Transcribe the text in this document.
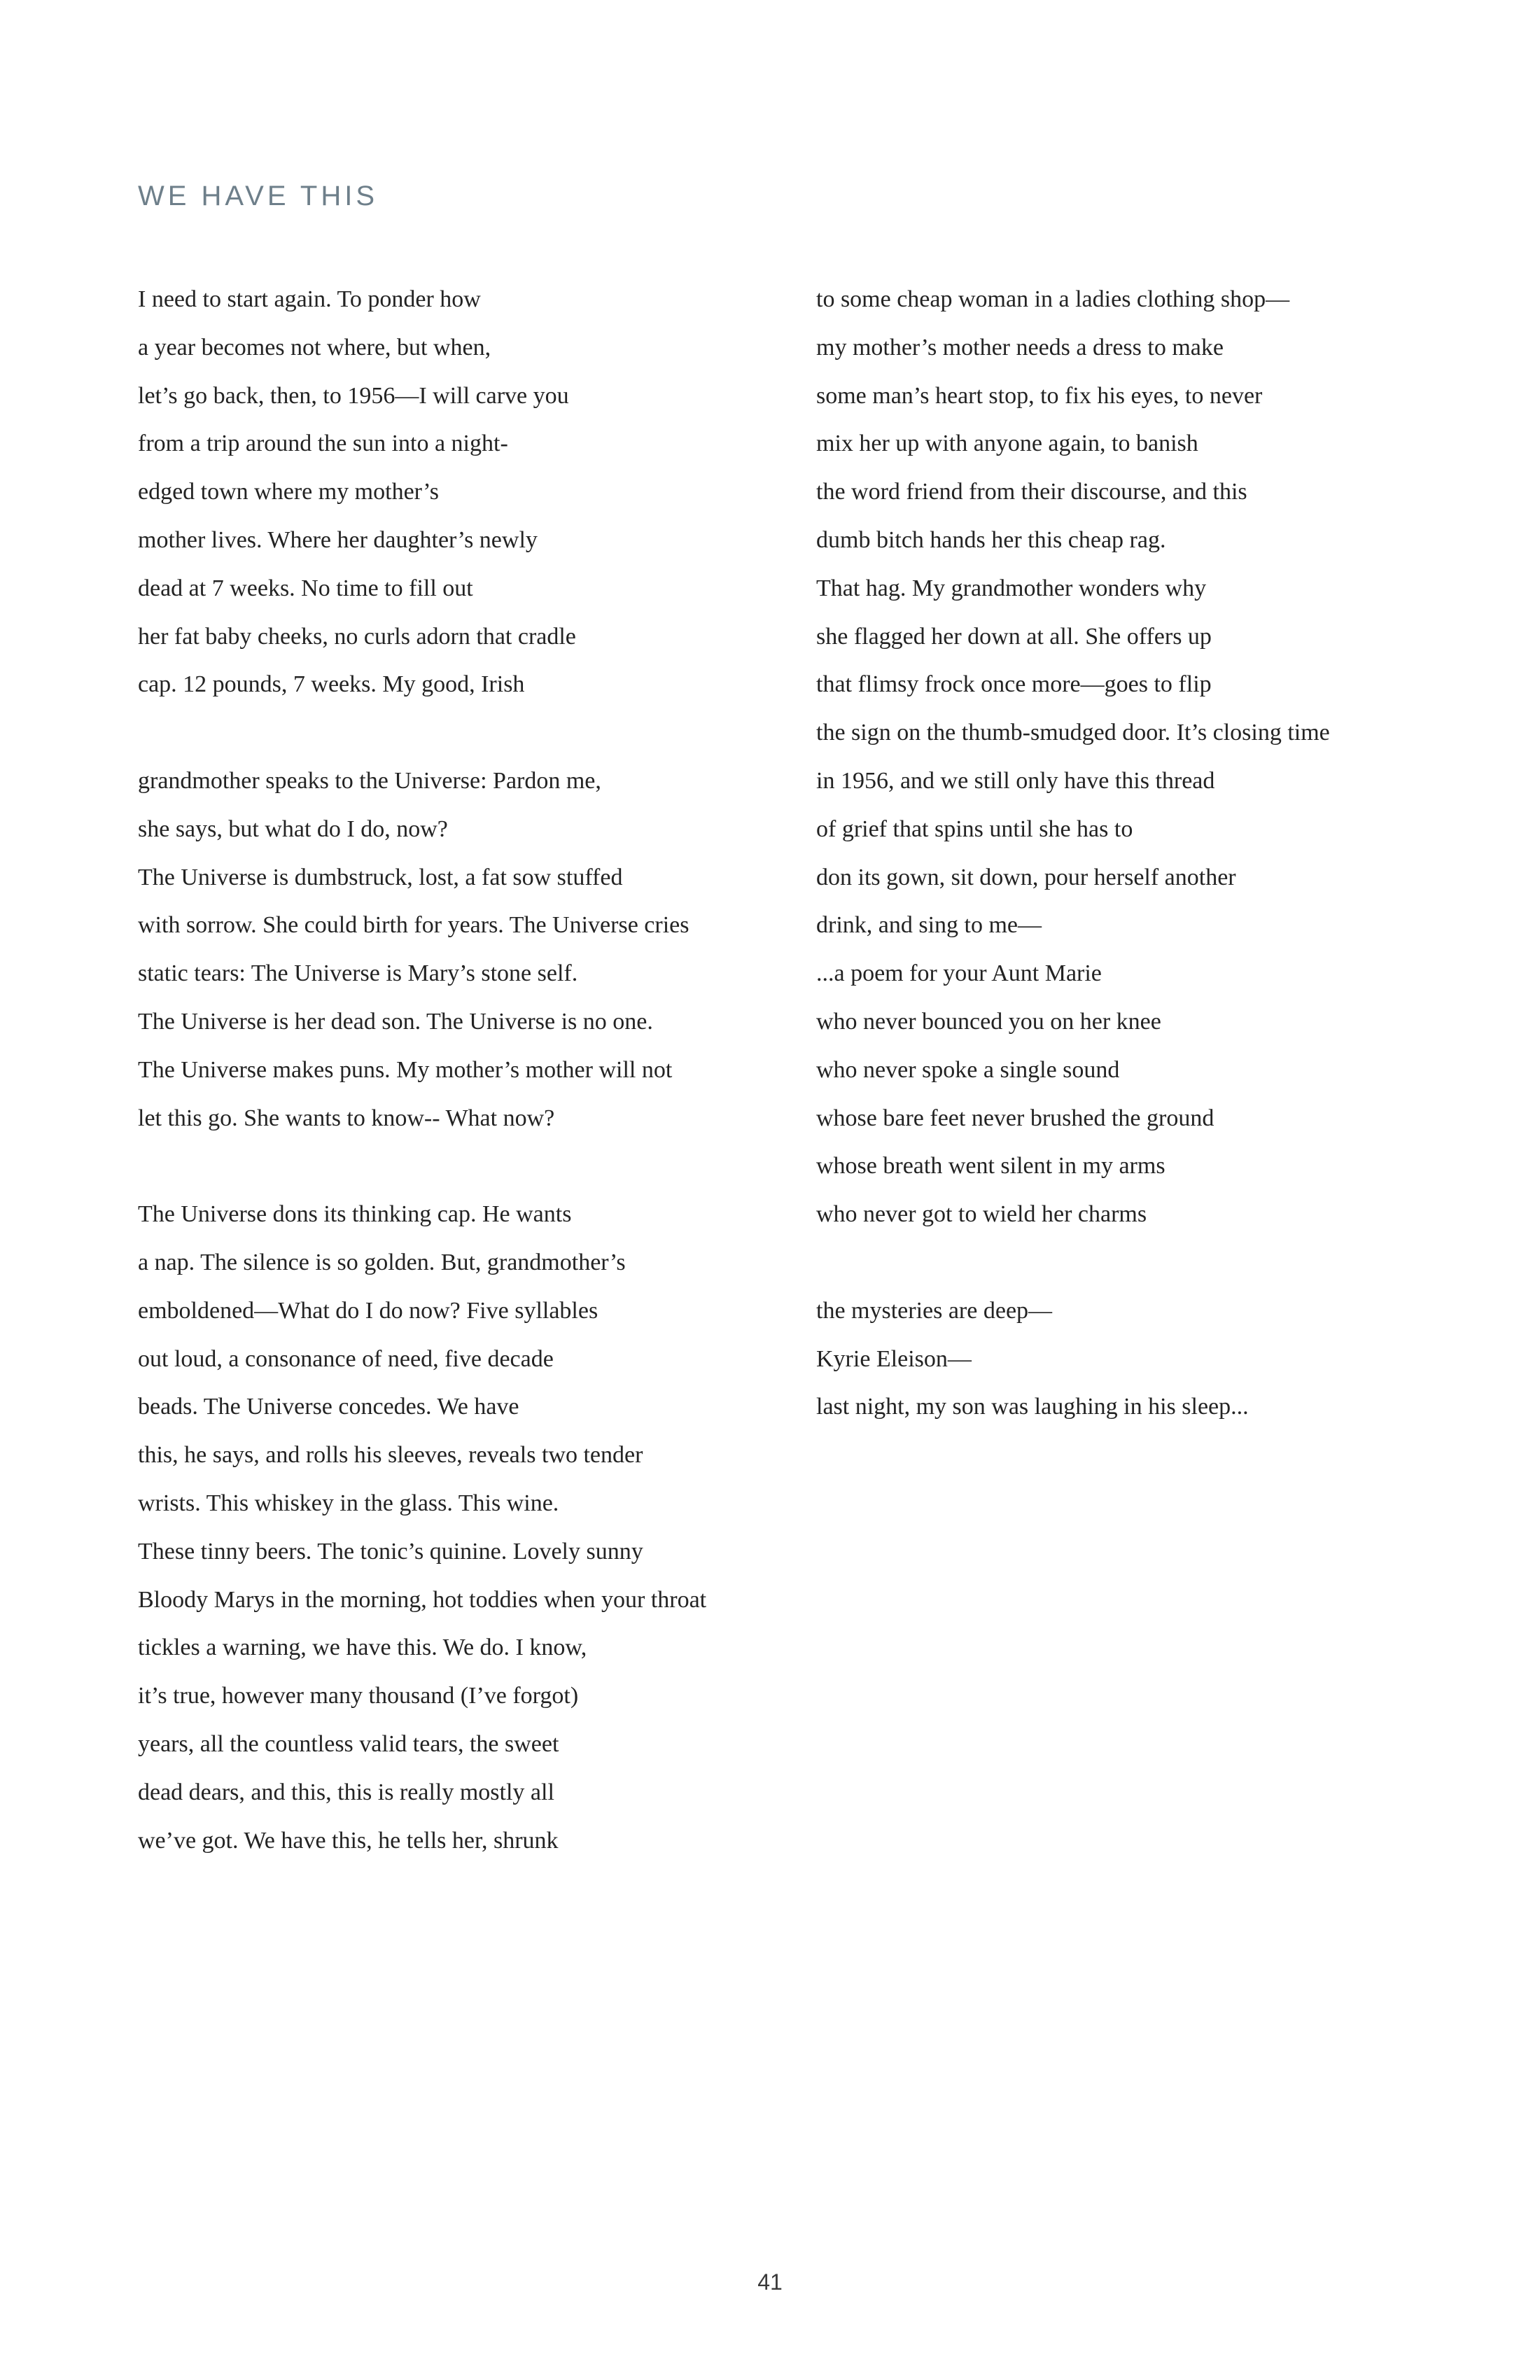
WE HAVE THIS
I need to start again. To ponder how
a year becomes not where, but when,
let’s go back, then, to 1956—I will carve you
from a trip around the sun into a night-
edged town where my mother’s
mother lives. Where her daughter’s newly
dead at 7 weeks. No time to fill out
her fat baby cheeks, no curls adorn that cradle
cap. 12 pounds, 7 weeks. My good, Irish
grandmother speaks to the Universe: Pardon me,
she says, but what do I do, now?
The Universe is dumbstruck, lost, a fat sow stuffed
with sorrow. She could birth for years. The Universe cries
static tears: The Universe is Mary’s stone self.
The Universe is her dead son. The Universe is no one.
The Universe makes puns. My mother’s mother will not
let this go. She wants to know-- What now?
The Universe dons its thinking cap. He wants
a nap. The silence is so golden. But, grandmother’s
emboldened—What do I do now? Five syllables
out loud, a consonance of need, five decade
beads. The Universe concedes. We have
this, he says, and rolls his sleeves, reveals two tender
wrists. This whiskey in the glass. This wine.
These tinny beers. The tonic’s quinine. Lovely sunny
Bloody Marys in the morning, hot toddies when your throat
tickles a warning, we have this. We do. I know,
it’s true, however many thousand (I’ve forgot)
years, all the countless valid tears, the sweet
dead dears, and this, this is really mostly all
we’ve got. We have this, he tells her, shrunk
to some cheap woman in a ladies clothing shop—
my mother’s mother needs a dress to make
some man’s heart stop, to fix his eyes, to never
mix her up with anyone again, to banish
the word friend from their discourse, and this
dumb bitch hands her this cheap rag.
That hag. My grandmother wonders why
she flagged her down at all. She offers up
that flimsy frock once more—goes to flip
the sign on the thumb-smudged door. It’s closing time
in 1956, and we still only have this thread
of grief that spins until she has to
don its gown, sit down, pour herself another
drink, and sing to me—
...a poem for your Aunt Marie
who never bounced you on her knee
who never spoke a single sound
whose bare feet never brushed the ground
whose breath went silent in my arms
who never got to wield her charms
the mysteries are deep—
Kyrie Eleison—
last night, my son was laughing in his sleep...
41
